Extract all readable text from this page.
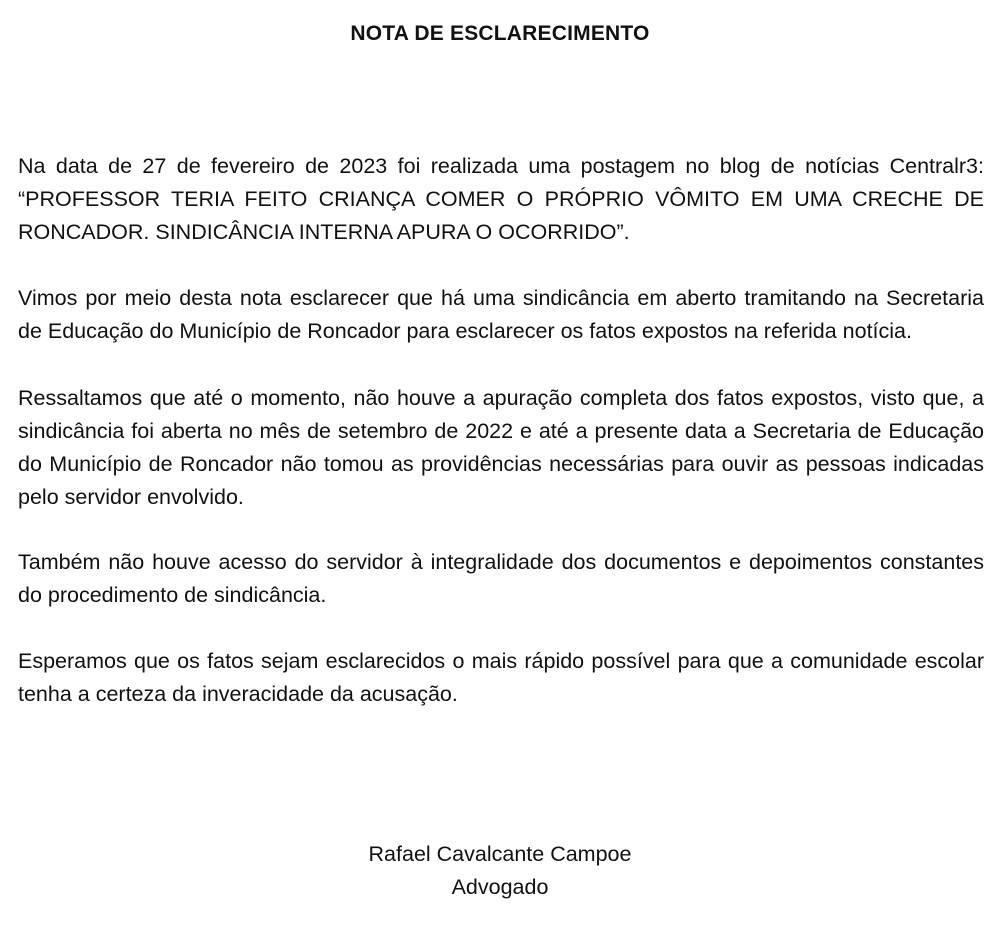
NOTA DE ESCLARECIMENTO

Na data de 27 de fevereiro de 2023 foi realizada uma postagem no blog de notícias Centralr3: “PROFESSOR TERIA FEITO CRIANÇA COMER O PRÓPRIO VÔMITO EM UMA CRECHE DE RONCADOR. SINDICÂNCIA INTERNA APURA O OCORRIDO”.

Vimos por meio desta nota esclarecer que há uma sindicância em aberto tramitando na Secretaria de Educação do Município de Roncador para esclarecer os fatos expostos na referida notícia.

Ressaltamos que até o momento, não houve a apuração completa dos fatos expostos, visto que, a sindicância foi aberta no mês de setembro de 2022 e até a presente data a Secretaria de Educação do Município de Roncador não tomou as providências necessárias para ouvir as pessoas indicadas pelo servidor envolvido.

Também não houve acesso do servidor à integralidade dos documentos e depoimentos constantes do procedimento de sindicância.

Esperamos que os fatos sejam esclarecidos o mais rápido possível para que a comunidade escolar tenha a certeza da inveracidade da acusação.

Rafael Cavalcante Campoe
Advogado
